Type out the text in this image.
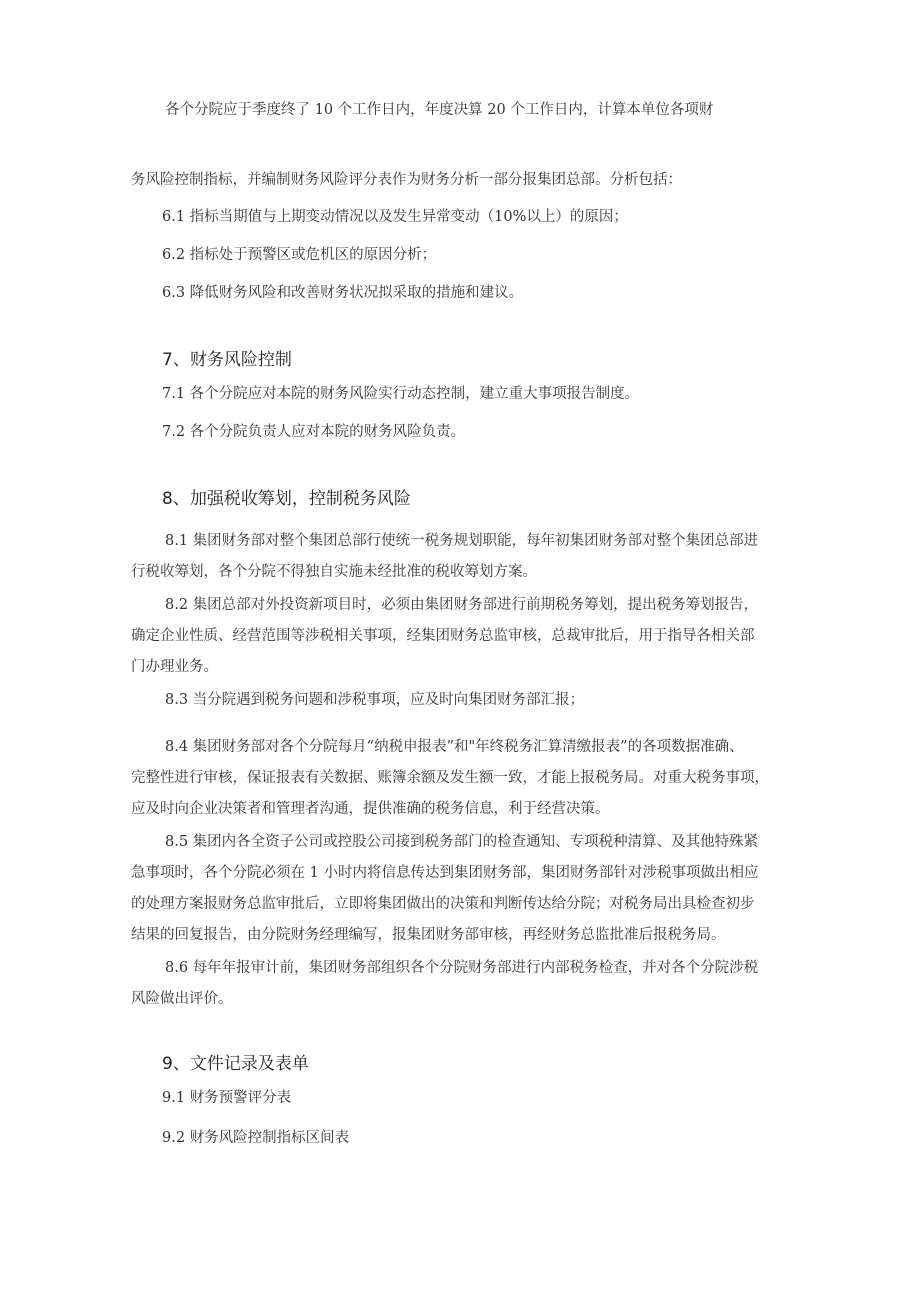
各个分院应于季度终了 10 个工作日内，年度决算 20 个工作日内，计算本单位各项财
务风险控制指标，并编制财务风险评分表作为财务分析一部分报集团总部。分析包括：
6.1 指标当期值与上期变动情况以及发生异常变动（10%以上）的原因；
6.2 指标处于预警区或危机区的原因分析；
6.3 降低财务风险和改善财务状况拟采取的措施和建议。
7、财务风险控制
7.1 各个分院应对本院的财务风险实行动态控制，建立重大事项报告制度。
7.2 各个分院负责人应对本院的财务风险负责。
8、加强税收筹划，控制税务风险
8.1 集团财务部对整个集团总部行使统一税务规划职能，每年初集团财务部对整个集团总部进
行税收筹划，各个分院不得独自实施未经批准的税收筹划方案。
8.2 集团总部对外投资新项目时，必须由集团财务部进行前期税务筹划，提出税务筹划报告，
确定企业性质、经营范围等涉税相关事项，经集团财务总监审核，总裁审批后，用于指导各相关部
门办理业务。
8.3 当分院遇到税务问题和涉税事项，应及时向集团财务部汇报；
8.4 集团财务部对各个分院每月“纳税申报表”和"年终税务汇算清缴报表”的各项数据准确、
完整性进行审核，保证报表有关数据、账簿余额及发生额一致，才能上报税务局。对重大税务事项，
应及时向企业决策者和管理者沟通，提供准确的税务信息，利于经营决策。
8.5 集团内各全资子公司或控股公司接到税务部门的检查通知、专项税种清算、及其他特殊紧
急事项时，各个分院必须在 1 小时内将信息传达到集团财务部，集团财务部针对涉税事项做出相应
的处理方案报财务总监审批后，立即将集团做出的决策和判断传达给分院；对税务局出具检查初步
结果的回复报告，由分院财务经理编写，报集团财务部审核，再经财务总监批准后报税务局。
8.6 每年年报审计前，集团财务部组织各个分院财务部进行内部税务检查，并对各个分院涉税
风险做出评价。
9、文件记录及表单
9.1 财务预警评分表
9.2 财务风险控制指标区间表
